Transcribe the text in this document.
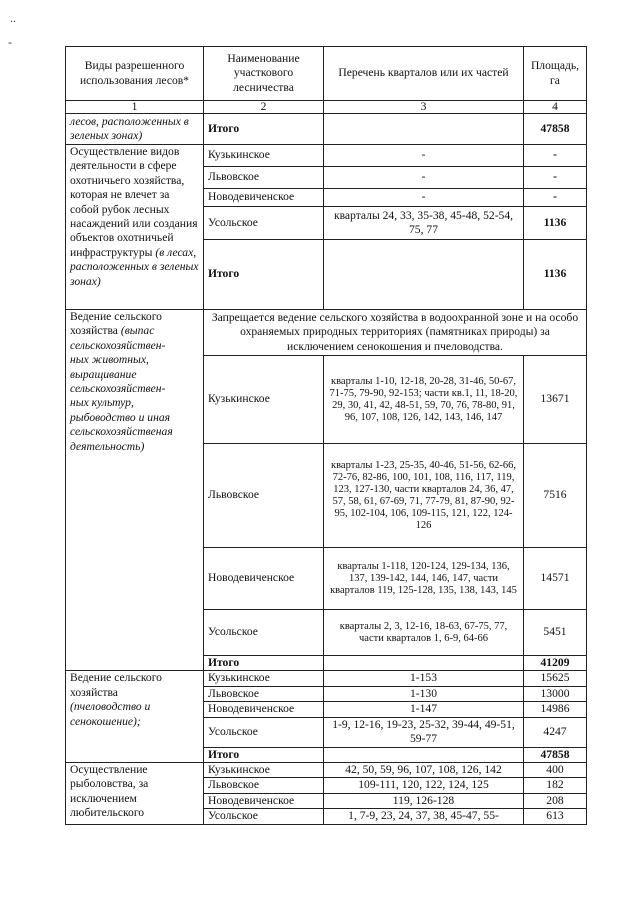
..
-
Виды разрешенного использования лесов*	Наименование участкового лесничества	Перечень кварталов или их частей	Площадь, га
1	2	3	4
лесов, расположенных в зеленых зонах)	Итого		47858
Осуществление видов деятельности в сфере охотничьего хозяйства, которая не влечет за собой рубок лесных насаждений или создания объектов охотничьей инфраструктуры (в лесах, расположенных в зеленых зонах)	Кузькинское	-	-
	Львовское	-	-
	Новодевиченское	-	-
	Усольское	кварталы 24, 33, 35-38, 45-48, 52-54, 75, 77	1136
	Итого		1136
Ведение сельского хозяйства (выпас сельскохозяйствен-
ных животных, выращивание сельскохозяйствен-
ных культур, рыбоводство и иная сельскохозяйственая деятельность)	Запрещается ведение сельского хозяйства в водоохранной зоне и на особо охраняемых природных территориях (памятниках природы) за исключением сенокошения и пчеловодства.		
	Кузькинское	кварталы 1-10, 12-18, 20-28, 31-46, 50-67, 71-75, 79-90, 92-153; части кв.1, 11, 18-20, 29, 30, 41, 42, 48-51, 59, 70, 76, 78-80, 91, 96, 107, 108, 126, 142, 143, 146, 147	13671
	Львовское	кварталы 1-23, 25-35, 40-46, 51-56, 62-66, 72-76, 82-86, 100, 101, 108, 116, 117, 119, 123, 127-130, части кварталов 24, 36, 47, 57, 58, 61, 67-69, 71, 77-79, 81, 87-90, 92-95, 102-104, 106, 109-115, 121, 122, 124-126	7516
	Новодевиченское	кварталы 1-118, 120-124, 129-134, 136, 137, 139-142, 144, 146, 147, части кварталов 119, 125-128, 135, 138, 143, 145	14571
	Усольское	кварталы 2, 3, 12-16, 18-63, 67-75, 77, части кварталов 1, 6-9, 64-66	5451
	Итого		41209
Ведение сельского хозяйства
(пчеловодство и сенокошение);	Кузькинское	1-153	15625
	Львовское	1-130	13000
	Новодевиченское	1-147	14986
	Усольское	1-9, 12-16, 19-23, 25-32, 39-44, 49-51, 59-77	4247
	Итого		47858
Осуществление рыболовства, за исключением любительского	Кузькинское	42, 50, 59, 96, 107, 108, 126, 142	400
	Львовское	109-111, 120, 122, 124, 125	182
	Новодевиченское	119, 126-128	208
	Усольское	1, 7-9, 23, 24, 37, 38, 45-47, 55-	613
